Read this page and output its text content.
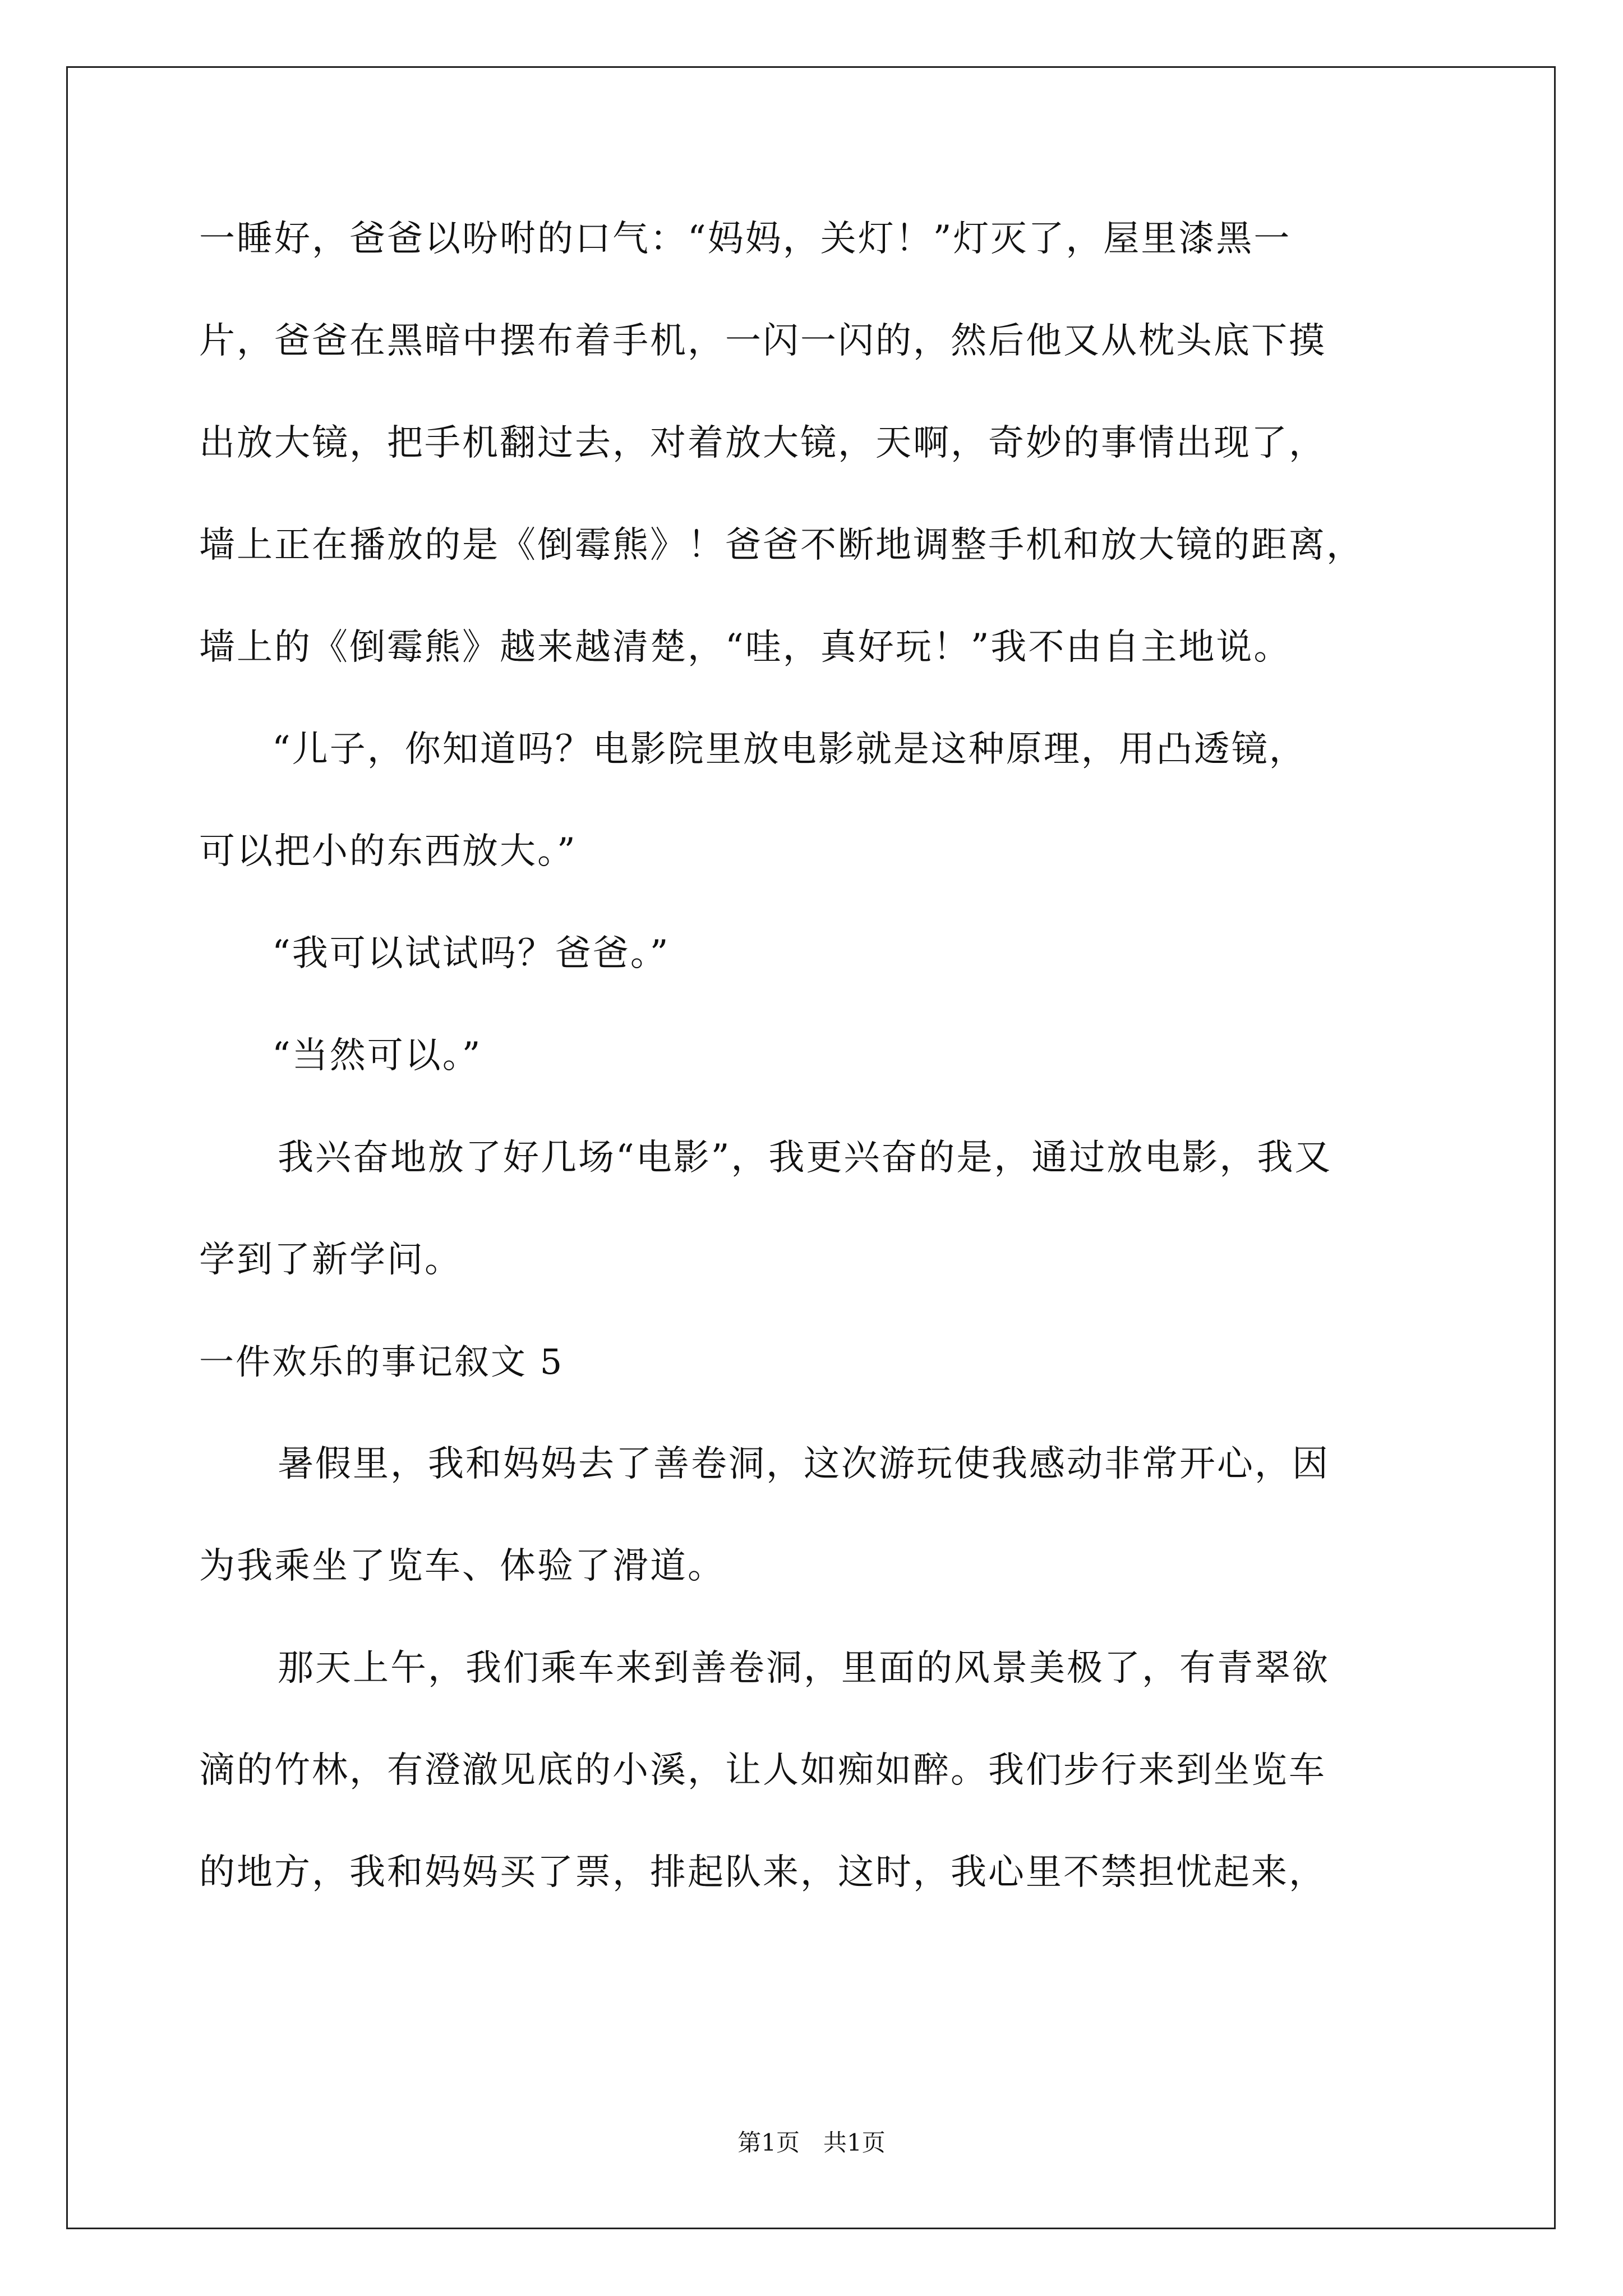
一睡好，爸爸以吩咐的口气：“妈妈，关灯！”灯灭了，屋里漆黑一
片，爸爸在黑暗中摆布着手机，一闪一闪的，然后他又从枕头底下摸
出放大镜，把手机翻过去，对着放大镜，天啊，奇妙的事情出现了，
墙上正在播放的是《倒霉熊》！爸爸不断地调整手机和放大镜的距离，
墙上的《倒霉熊》越来越清楚，“哇，真好玩！”我不由自主地说。
“儿子，你知道吗？电影院里放电影就是这种原理，用凸透镜，
可以把小的东西放大。”
“我可以试试吗？爸爸。”
“当然可以。”
我兴奋地放了好几场“电影”，我更兴奋的是，通过放电影，我又
学到了新学问。
一件欢乐的事记叙文 5
暑假里，我和妈妈去了善卷洞，这次游玩使我感动非常开心，因
为我乘坐了览车、体验了滑道。
那天上午，我们乘车来到善卷洞，里面的风景美极了，有青翠欲
滴的竹林，有澄澈见底的小溪，让人如痴如醉。我们步行来到坐览车
的地方，我和妈妈买了票，排起队来，这时，我心里不禁担忧起来，
第1页　共1页
